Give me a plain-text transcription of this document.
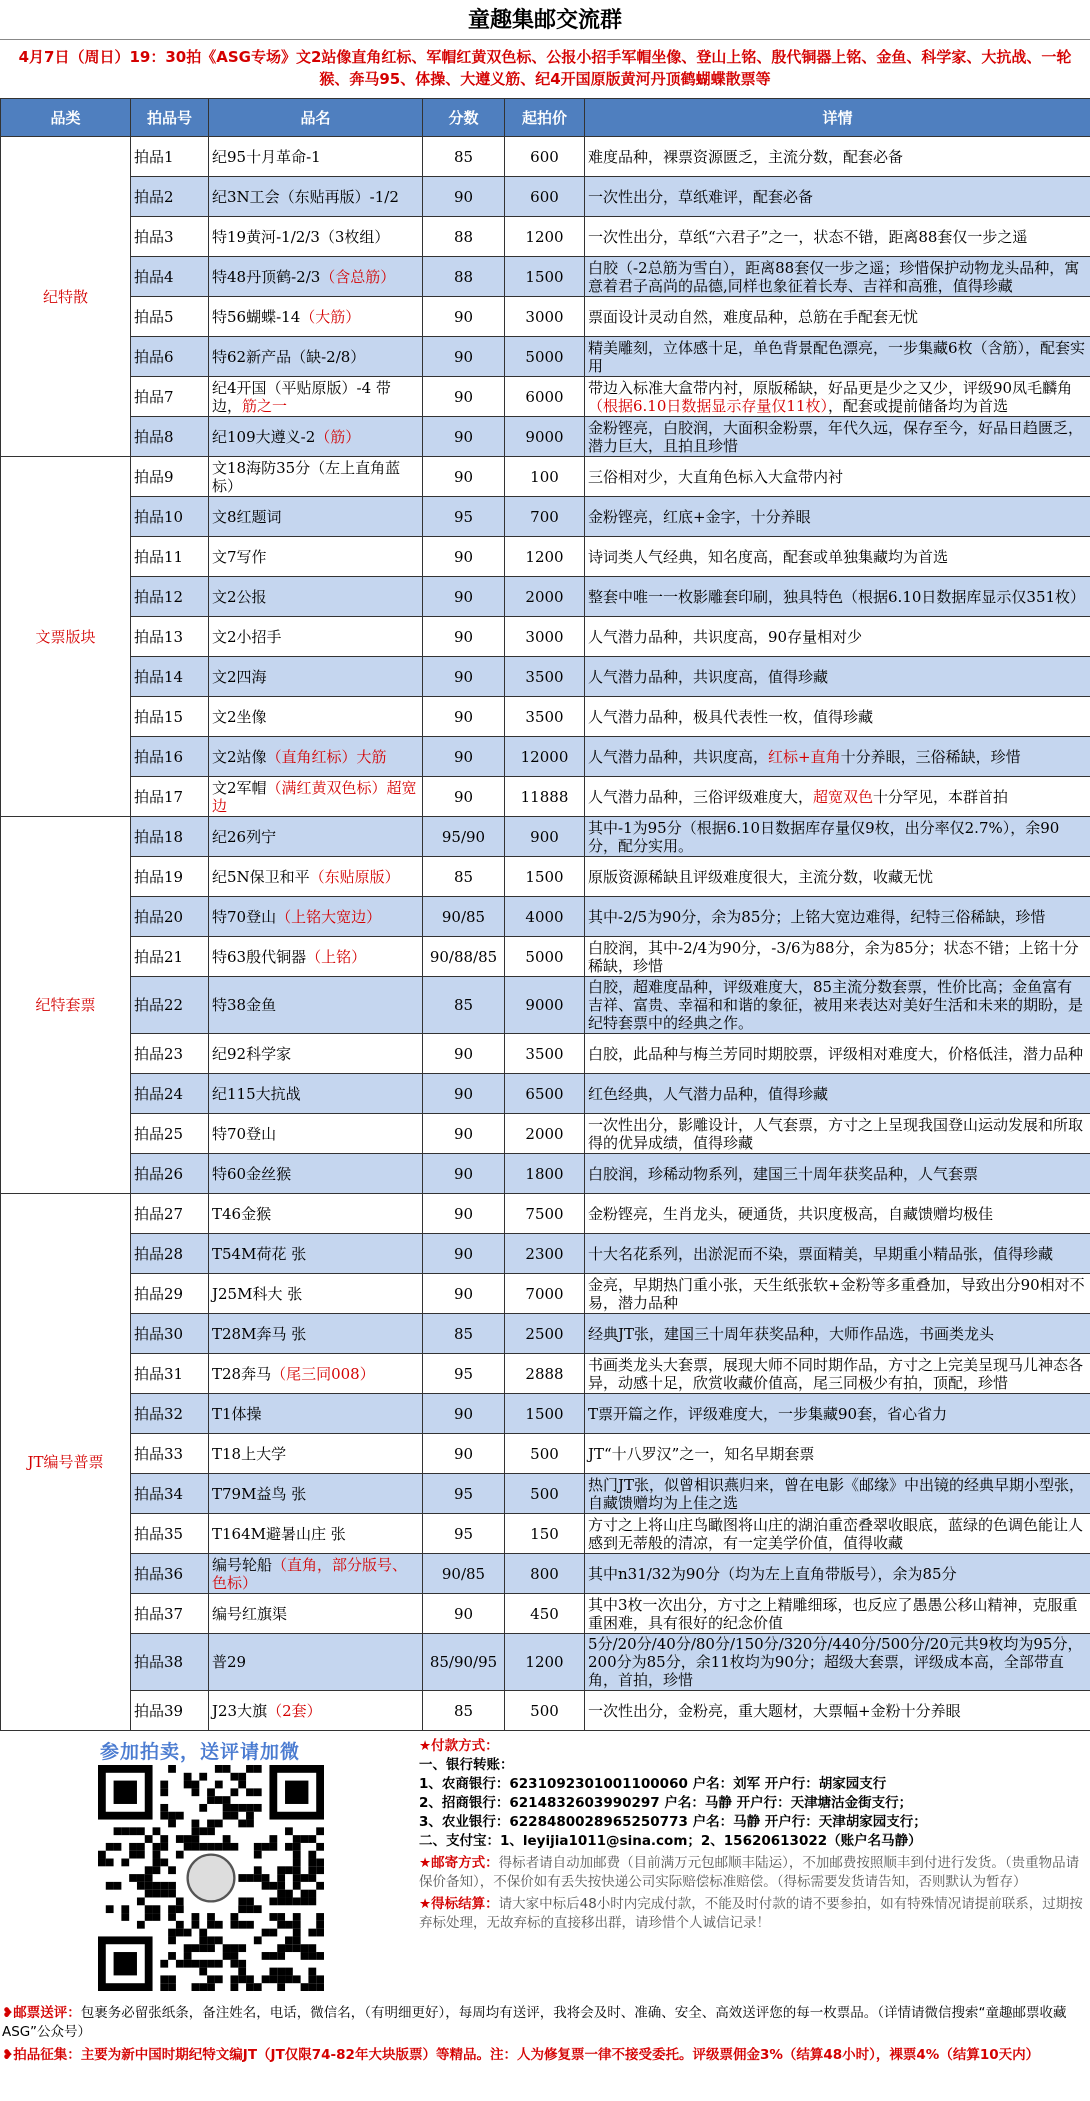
童趣集邮交流群
4月7日（周日）19：30拍《ASG专场》文2站像直角红标、军帽红黄双色标、公报小招手军帽坐像、登山上铭、殷代铜器上铭、金鱼、科学家、大抗战、一轮猴、奔马95、体操、大遵义筋、纪4开国原版黄河丹顶鹤蝴蝶散票等
品类	拍品号	品名	分数	起拍价	详情
纪特散	拍品1	纪95十月革命-1	85	600	难度品种，裸票资源匮乏，主流分数，配套必备
	拍品2	纪3N工会（东贴再版）-1/2	90	600	一次性出分，草纸难评，配套必备
	拍品3	特19黄河-1/2/3（3枚组）	88	1200	一次性出分，草纸“六君子”之一，状态不错，距离88套仅一步之遥
	拍品4	特48丹顶鹤-2/3（含总筋）	88	1500	白胶（-2总筋为雪白），距离88套仅一步之遥；珍惜保护动物龙头品种，寓意着君子高尚的品德,同样也象征着长寿、吉祥和高雅，值得珍藏
	拍品5	特56蝴蝶-14（大筋）	90	3000	票面设计灵动自然，难度品种，总筋在手配套无忧
	拍品6	特62新产品（缺-2/8）	90	5000	精美雕刻，立体感十足，单色背景配色漂亮，一步集藏6枚（含筋），配套实用
	拍品7	纪4开国（平贴原版）-4 带边，筋之一	90	6000	带边入标准大盒带内衬，原版稀缺，好品更是少之又少，评级90凤毛麟角（根据6.10日数据显示存量仅11枚），配套或提前储备均为首选
	拍品8	纪109大遵义-2（筋）	90	9000	金粉铿亮，白胶润，大面积金粉票，年代久远，保存至今，好品日趋匮乏，潜力巨大，且拍且珍惜
文票版块	拍品9	文18海防35分（左上直角蓝标）	90	100	三俗相对少，大直角色标入大盒带内衬
	拍品10	文8红题词	95	700	金粉铿亮，红底+金字，十分养眼
	拍品11	文7写作	90	1200	诗词类人气经典，知名度高，配套或单独集藏均为首选
	拍品12	文2公报	90	2000	整套中唯一一枚影雕套印刷，独具特色（根据6.10日数据库显示仅351枚）
	拍品13	文2小招手	90	3000	人气潜力品种，共识度高，90存量相对少
	拍品14	文2四海	90	3500	人气潜力品种，共识度高，值得珍藏
	拍品15	文2坐像	90	3500	人气潜力品种，极具代表性一枚，值得珍藏
	拍品16	文2站像（直角红标）大筋	90	12000	人气潜力品种，共识度高，红标+直角十分养眼，三俗稀缺，珍惜
	拍品17	文2军帽（满红黄双色标）超宽边	90	11888	人气潜力品种，三俗评级难度大，超宽双色十分罕见，本群首拍
纪特套票	拍品18	纪26列宁	95/90	900	其中-1为95分（根据6.10日数据库存量仅9枚，出分率仅2.7%），余90分，配分实用。
	拍品19	纪5N保卫和平（东贴原版）	85	1500	原版资源稀缺且评级难度很大，主流分数，收藏无忧
	拍品20	特70登山（上铭大宽边）	90/85	4000	其中-2/5为90分，余为85分；上铭大宽边难得，纪特三俗稀缺，珍惜
	拍品21	特63殷代铜器（上铭）	90/88/85	5000	白胶润，其中-2/4为90分，-3/6为88分，余为85分；状态不错；上铭十分稀缺，珍惜
	拍品22	特38金鱼	85	9000	白胶，超难度品种，评级难度大，85主流分数套票，性价比高；金鱼富有吉祥、富贵、幸福和和谐的象征，被用来表达对美好生活和未来的期盼，是纪特套票中的经典之作。
	拍品23	纪92科学家	90	3500	白胶，此品种与梅兰芳同时期胶票，评级相对难度大，价格低洼，潜力品种
	拍品24	纪115大抗战	90	6500	红色经典，人气潜力品种，值得珍藏
	拍品25	特70登山	90	2000	一次性出分，影雕设计，人气套票，方寸之上呈现我国登山运动发展和所取得的优异成绩，值得珍藏
	拍品26	特60金丝猴	90	1800	白胶润，珍稀动物系列，建国三十周年获奖品种，人气套票
JT编号普票	拍品27	T46金猴	90	7500	金粉铿亮，生肖龙头，硬通货，共识度极高，自藏馈赠均极佳
	拍品28	T54M荷花 张	90	2300	十大名花系列，出淤泥而不染，票面精美，早期重小精品张，值得珍藏
	拍品29	J25M科大 张	90	7000	金亮，早期热门重小张，天生纸张软+金粉等多重叠加，导致出分90相对不易，潜力品种
	拍品30	T28M奔马 张	85	2500	经典JT张，建国三十周年获奖品种，大师作品选，书画类龙头
	拍品31	T28奔马（尾三同008）	95	2888	书画类龙头大套票，展现大师不同时期作品，方寸之上完美呈现马儿神态各异，动感十足，欣赏收藏价值高，尾三同极少有拍，顶配，珍惜
	拍品32	T1体操	90	1500	T票开篇之作，评级难度大，一步集藏90套，省心省力
	拍品33	T18上大学	90	500	JT“十八罗汉”之一，知名早期套票
	拍品34	T79M益鸟 张	95	500	热门JT张，似曾相识燕归来，曾在电影《邮缘》中出镜的经典早期小型张，自藏馈赠均为上佳之选
	拍品35	T164M避暑山庄 张	95	150	方寸之上将山庄鸟瞰图将山庄的湖泊重峦叠翠收眼底，蓝绿的色调色能让人感到无蒂般的清凉，有一定美学价值，值得收藏
	拍品36	编号轮船（直角，部分版号、色标）	90/85	800	其中n31/32为90分（均为左上直角带版号），余为85分
	拍品37	编号红旗渠	90	450	其中3枚一次出分，方寸之上精雕细琢，也反应了愚愚公移山精神，克服重重困难，具有很好的纪念价值
	拍品38	普29	85/90/95	1200	5分/20分/40分/80分/150分/320分/440分/500分/20元共9枚均为95分，200分为85分，余11枚均为90分；超级大套票，评级成本高，全部带直角，首拍，珍惜
	拍品39	J23大旗（2套）	85	500	一次性出分，金粉亮，重大题材，大票幅+金粉十分养眼
参加拍卖，送评请加微	★付款方式：
一、银行转账：
1、农商银行：6231092301001100060 户名：刘军 开户行：胡家园支行
2、招商银行：6214832603990297 户名：马静 开户行：天津塘沽金街支行；
3、农业银行：6228480028965250773 户名：马静 开户行：天津胡家园支行；
二、支付宝：1、leyijia1011@sina.com；2、15620613022（账户名马静）
★邮寄方式：得标者请自动加邮费（目前满万元包邮顺丰陆运），不加邮费按照顺丰到付进行发货。（贵重物品请保价备知），不保价如有丢失按快递公司实际赔偿标准赔偿。（得标需要发货请告知，否则默认为暂存）
★得标结算：请大家中标后48小时内完成付款，不能及时付款的请不要参拍，如有特殊情况请提前联系，过期按弃标处理，无故弃标的直接移出群，请珍惜个人诚信记录！
❥邮票送评：包裹务必留张纸条，备注姓名，电话，微信名，（有明细更好），每周均有送评，我将会及时、准确、安全、高效送评您的每一枚票品。（详情请微信搜索“童趣邮票收藏ASG”公众号）
❥拍品征集：主要为新中国时期纪特文编JT（JT仅限74-82年大块版票）等精品。注：人为修复票一律不接受委托。评级票佣金3%（结算48小时），裸票4%（结算10天内）
